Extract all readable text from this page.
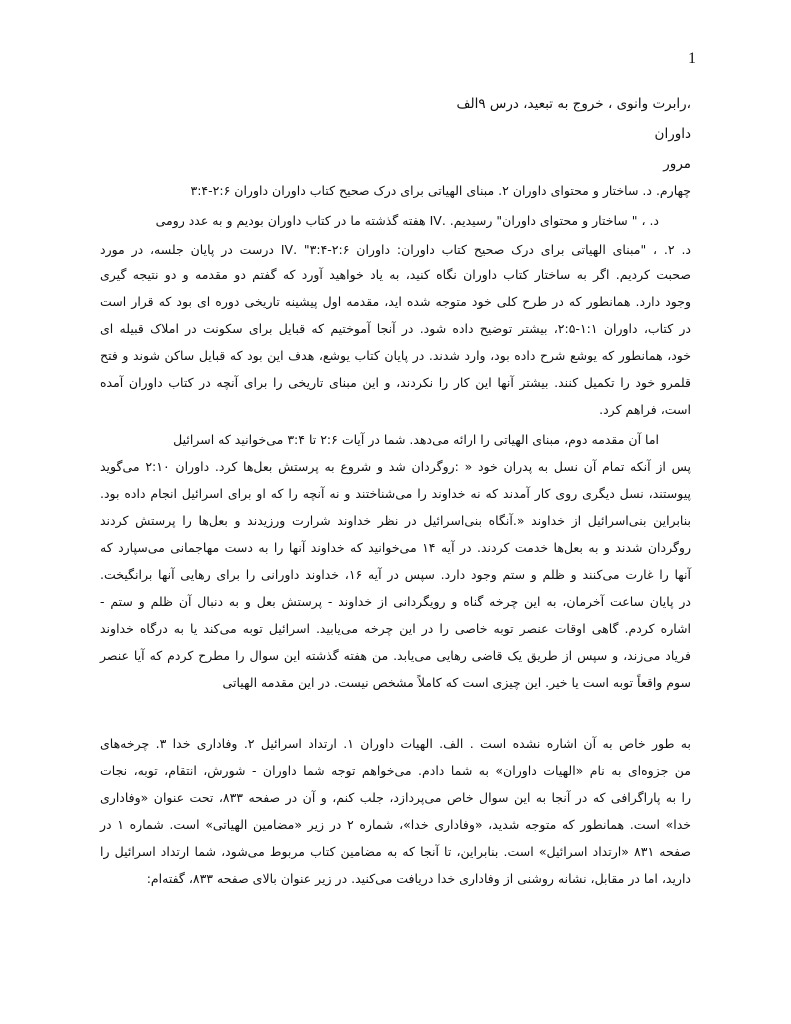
1
،رابرت وانوی ، خروج به تبعید، درس ۹الف
داوران
مرور
چهارم. د. ساختار و محتوای داوران ۲. مبنای الهیاتی برای درک صحیح کتاب داوران داوران ۲:۶-۳:۴
د. ، " ساختار و محتوای داوران" رسیدیم. .IV هفته گذشته ما در کتاب داوران بودیم و به عدد رومی
د. ۲. ، "مبنای الهیاتی برای درک صحیح کتاب داوران: داوران ۲:۶-۳:۴" .IV درست در پایان جلسه، در مورد
صحبت کردیم. اگر به ساختار کتاب داوران نگاه کنید، به یاد خواهید آورد که گفتم دو مقدمه و دو نتیجه گیری
وجود دارد. همانطور که در طرح کلی خود متوجه شده اید، مقدمه اول پیشینه تاریخی دوره ای بود که قرار است
در کتاب، داوران ۱:۱-۲:۵، بیشتر توضیح داده شود. در آنجا آموختیم که قبایل برای سکونت در املاک قبیله ای
خود، همانطور که یوشع شرح داده بود، وارد شدند. در پایان کتاب یوشع، هدف این بود که قبایل ساکن شوند و فتح
قلمرو خود را تکمیل کنند. بیشتر آنها این کار را نکردند، و این مبنای تاریخی را برای آنچه در کتاب داوران آمده
است، فراهم کرد.
اما آن مقدمه دوم، مبنای الهیاتی را ارائه می‌دهد. شما در آیات ۲:۶ تا ۳:۴ می‌خوانید که اسرائیل
پس از آنکه تمام آن نسل به پدران خود « :روگردان شد و شروع به پرستش بعل‌ها کرد. داوران ۲:۱۰ می‌گوید
پیوستند، نسل دیگری روی کار آمدند که نه خداوند را می‌شناختند و نه آنچه را که او برای اسرائیل انجام داده بود.
بنابراین بنی‌اسرائیل از خداوند «.آنگاه بنی‌اسرائیل در نظر خداوند شرارت ورزیدند و بعل‌ها را پرستش کردند
روگردان شدند و به بعل‌ها خدمت کردند. در آیه ۱۴ می‌خوانید که خداوند آنها را به دست مهاجمانی می‌سپارد که
آنها را غارت می‌کنند و ظلم و ستم وجود دارد. سپس در آیه ۱۶، خداوند داورانی را برای رهایی آنها برانگیخت.
در پایان ساعت آخرمان، به این چرخه گناه و رویگردانی از خداوند - پرستش بعل و به دنبال آن ظلم و ستم -
اشاره کردم. گاهی اوقات عنصر توبه خاصی را در این چرخه می‌یابید. اسرائیل توبه می‌کند یا به درگاه خداوند
فریاد می‌زند، و سپس از طریق یک قاضی رهایی می‌یابد. من هفته گذشته این سوال را مطرح کردم که آیا عنصر
سوم واقعاً توبه است یا خیر. این چیزی است که کاملاً مشخص نیست. در این مقدمه الهیاتی
به طور خاص به آن اشاره نشده است . الف. الهیات داوران ۱. ارتداد اسرائیل ۲. وفاداری خدا ۳. چرخه‌های
من جزوه‌ای به نام «الهیات داوران» به شما دادم. می‌خواهم توجه شما داوران - شورش، انتقام، توبه، نجات
را به پاراگرافی که در آنجا به این سوال خاص می‌پردازد، جلب کنم، و آن در صفحه ۸۳۳، تحت عنوان «وفاداری
خدا» است. همانطور که متوجه شدید، «وفاداری خدا»، شماره ۲ در زیر «مضامین الهیاتی» است. شماره ۱ در
صفحه ۸۳۱ «ارتداد اسرائیل» است. بنابراین، تا آنجا که به مضامین کتاب مربوط می‌شود، شما ارتداد اسرائیل را
دارید، اما در مقابل، نشانه روشنی از وفاداری خدا دریافت می‌کنید. در زیر عنوان بالای صفحه ۸۳۳، گفته‌ام:
